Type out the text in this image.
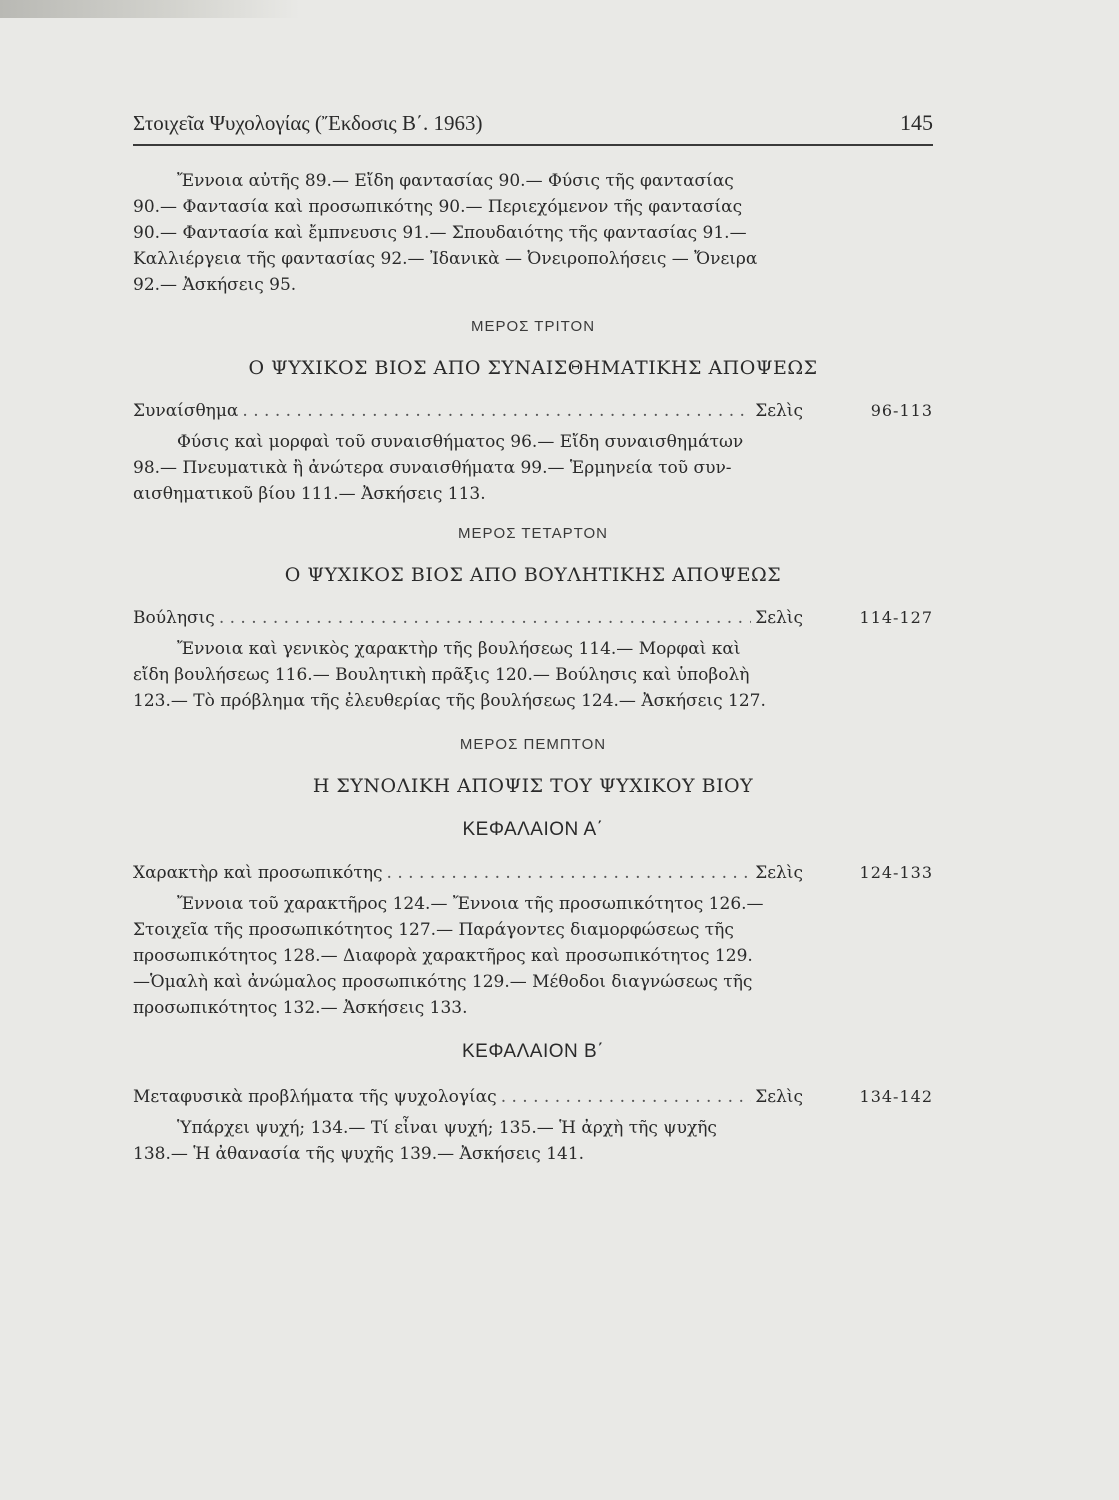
Στοιχεῖα Ψυχολογίας (Ἔκδοσις Β΄. 1963)	145
Ἔννοια αὐτῆς 89.— Εἴδη φαντασίας 90.— Φύσις τῆς φαντασίας
90.— Φαντασία καὶ προσωπικότης 90.— Περιεχόμενον τῆς φαντασίας
90.— Φαντασία καὶ ἔμπνευσις 91.— Σπουδαιότης τῆς φαντασίας 91.—
Καλλιέργεια τῆς φαντασίας 92.— Ἰδανικὰ — Ὀνειροπολήσεις — Ὄνειρα
92.— Ἀσκήσεις 95.
ΜΕΡΟΣ ΤΡΙΤΟΝ
Ο ΨΥΧΙΚΟΣ ΒΙΟΣ ΑΠΟ ΣΥΝΑΙΣΘΗΜΑΤΙΚΗΣ ΑΠΟΨΕΩΣ
Συναίσθημα . . .	Σελὶς	96-113
Φύσις καὶ μορφαὶ τοῦ συναισθήματος 96.— Εἴδη συναισθημάτων
98.— Πνευματικὰ ἢ ἀνώτερα συναισθήματα 99.— Ἑρμηνεία τοῦ συν-
αισθηματικοῦ βίου 111.— Ἀσκήσεις 113.
ΜΕΡΟΣ ΤΕΤΑΡΤΟΝ
Ο ΨΥΧΙΚΟΣ ΒΙΟΣ ΑΠΟ ΒΟΥΛΗΤΙΚΗΣ ΑΠΟΨΕΩΣ
Βούλησις . . .	Σελὶς	114-127
Ἔννοια καὶ γενικὸς χαρακτὴρ τῆς βουλήσεως 114.— Μορφαὶ καὶ
εἴδη βουλήσεως 116.— Βουλητικὴ πρᾶξις 120.— Βούλησις καὶ ὑποβολὴ
123.— Τὸ πρόβλημα τῆς ἐλευθερίας τῆς βουλήσεως 124.— Ἀσκήσεις 127.
ΜΕΡΟΣ ΠΕΜΠΤΟΝ
Η ΣΥΝΟΛΙΚΗ ΑΠΟΨΙΣ ΤΟΥ ΨΥΧΙΚΟΥ ΒΙΟΥ
ΚΕΦΑΛΑΙΟΝ Α΄
Χαρακτὴρ καὶ προσωπικότης . . .	Σελὶς	124-133
Ἔννοια τοῦ χαρακτῆρος 124.— Ἔννοια τῆς προσωπικότητος 126.—
Στοιχεῖα τῆς προσωπικότητος 127.— Παράγοντες διαμορφώσεως τῆς
προσωπικότητος 128.— Διαφορὰ χαρακτῆρος καὶ προσωπικότητος 129.
—Ὁμαλὴ καὶ ἀνώμαλος προσωπικότης 129.— Μέθοδοι διαγνώσεως τῆς
προσωπικότητος 132.— Ἀσκήσεις 133.
ΚΕΦΑΛΑΙΟΝ Β΄
Μεταφυσικὰ προβλήματα τῆς ψυχολογίας . . .	Σελὶς	134-142
Ὑπάρχει ψυχή; 134.— Τί εἶναι ψυχή; 135.— Ἡ ἀρχὴ τῆς ψυχῆς
138.— Ἡ ἀθανασία τῆς ψυχῆς 139.— Ἀσκήσεις 141.
